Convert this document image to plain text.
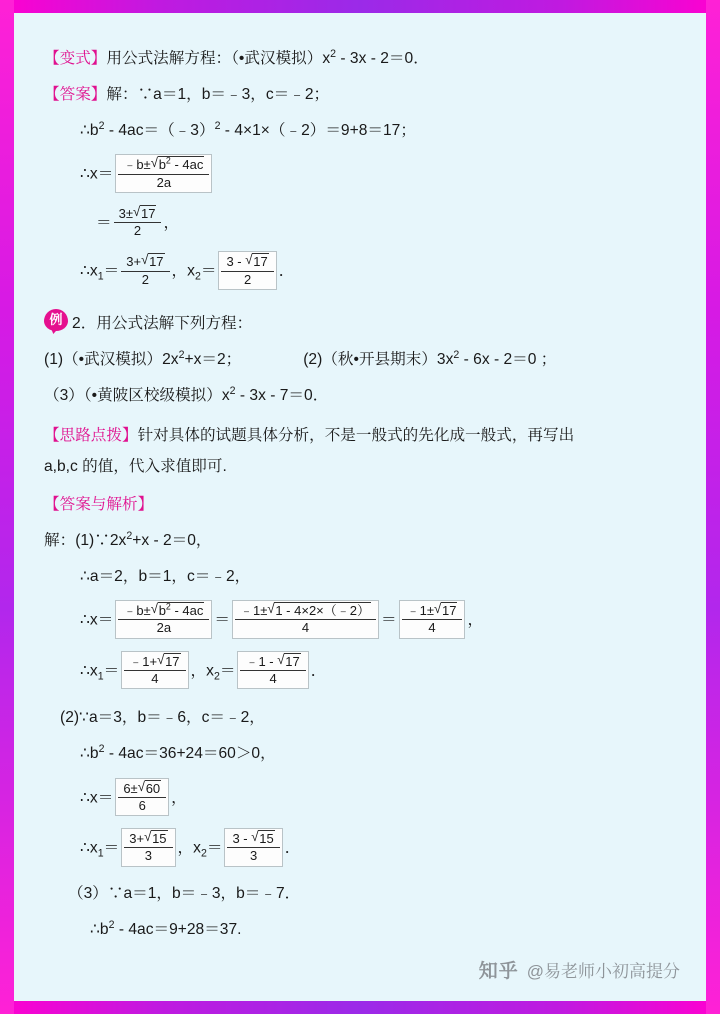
【变式】用公式法解方程：（•武汉模拟）$x^2 - 3x - 2=0$．
【答案】解：∵a＝1，b＝﹣3，c＝﹣2；
$\therefore b^2$ - 4ac＝（﹣3）$^2$ - 4×1×（﹣2）＝9+8＝17；
∴x＝ $\frac{﹣b\pm √ b^2 - 4ac}{2a}$
＝ $\frac{3\pm √ 17}{2}$ ，
$\therefore x_1= \frac{3+ √ 17}{2}$ ，$x_2= \frac{3 - √ 17}{2}$ ．
例 2．用公式法解下列方程：
(1)（•武汉模拟）$2x^2+x=2$；	(2)（秋•开县期末）$3x^2 - 6x - 2=0$ ；
（3）（•黄陂区校级模拟）$x^2 - 3x - 7=0$．
【思路点拨】针对具体的试题具体分析，不是一般式的先化成一般式，再写出
a,b,c 的值，代入求值即可.
【答案与解析】
解：$(1)\because 2x^2+x - 2=0$，
∴a＝2，b＝1，c＝﹣2，
∴x＝ $\frac{﹣b\pm √ b^2 - 4ac}{2a} = \frac{﹣1\pm √ 1 - 4\times 2\times(﹣2)}{4} = \frac{﹣1\pm √ 17}{4}$ ，
$\therefore x_1= \frac{﹣1+ √ 17}{4}$ ，$x_2= \frac{﹣1 - √ 17}{4}$ ．
(2)∵a＝3，b＝﹣6，c＝﹣2，
$\therefore b^2 - 4ac=36+24=60>0$，
∴x＝ $\frac{6\pm √ 60}{6}$ ，
$\therefore x_1= \frac{3+ √ 15}{3}$ ，$x_2= \frac{3 - √ 15}{3}$ ．
（3）∵a＝1，b＝﹣3，b＝﹣7．
$\therefore b^2 - 4ac=9+28=37$.
知乎 @易老师小初高提分
